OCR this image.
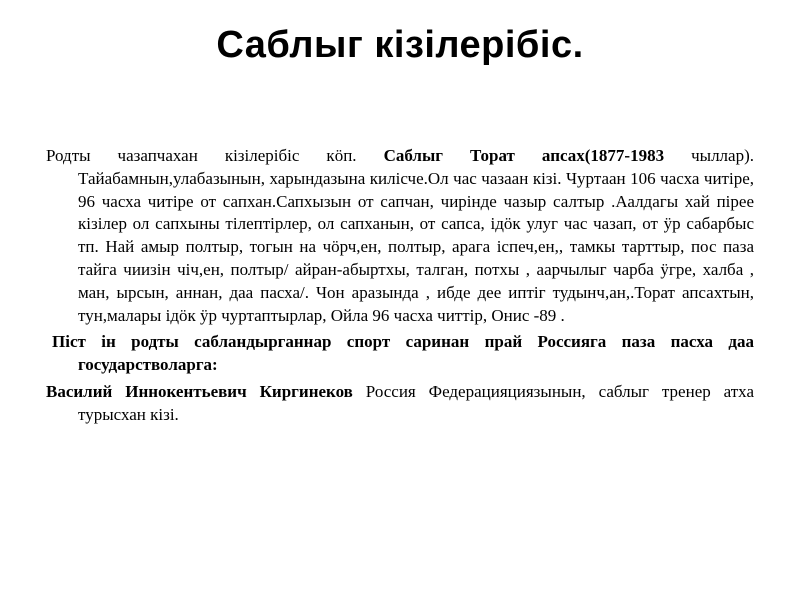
Саблыг кізілерібіс.

Родты чазапчахан кізілерібіс кӧп. Саблыг Торат апсах(1877-1983 чыллар). Тайабамнын,улабазынын, харындазына килісче.Ол час чазаан кізі. Чуртаан 106 часха читіре, 96 часха читіре от сапхан.Сапхызын от сапчан, чирінде чазыр салтыр .Аалдагы хай пірее кізілер ол сапхыны тілептірлер, ол сапханын, от сапса, ідӧк улуг час чазап, от ӱр сабарбыс тп. Най амыр полтыр, тогын на чӧрч,ен, полтыр, арага іспеч,ен,, тамкы тарттыр, пос паза тайга чиизін чіч,ен, полтыр/ айран-абыртхы, талган, потхы , аарчылыг чарба ӱгре, халба , ман, ырсын, аннан, даа пасха/. Чон аразында , ибде дее иптіг тудынч,ан,.Торат апсахтын, тун,малары ідӧк ӱр чуртаптырлар, Ойла 96 часха читтір, Онис -89 .

Пiст iн родты сабландырганнар спорт саринан прай Россияга паза пасха даа государстволарга:

Василий Иннокентьевич Киргинеков Россия Федерацияциязынын, саблыг тренер атха турысхан кізі.
